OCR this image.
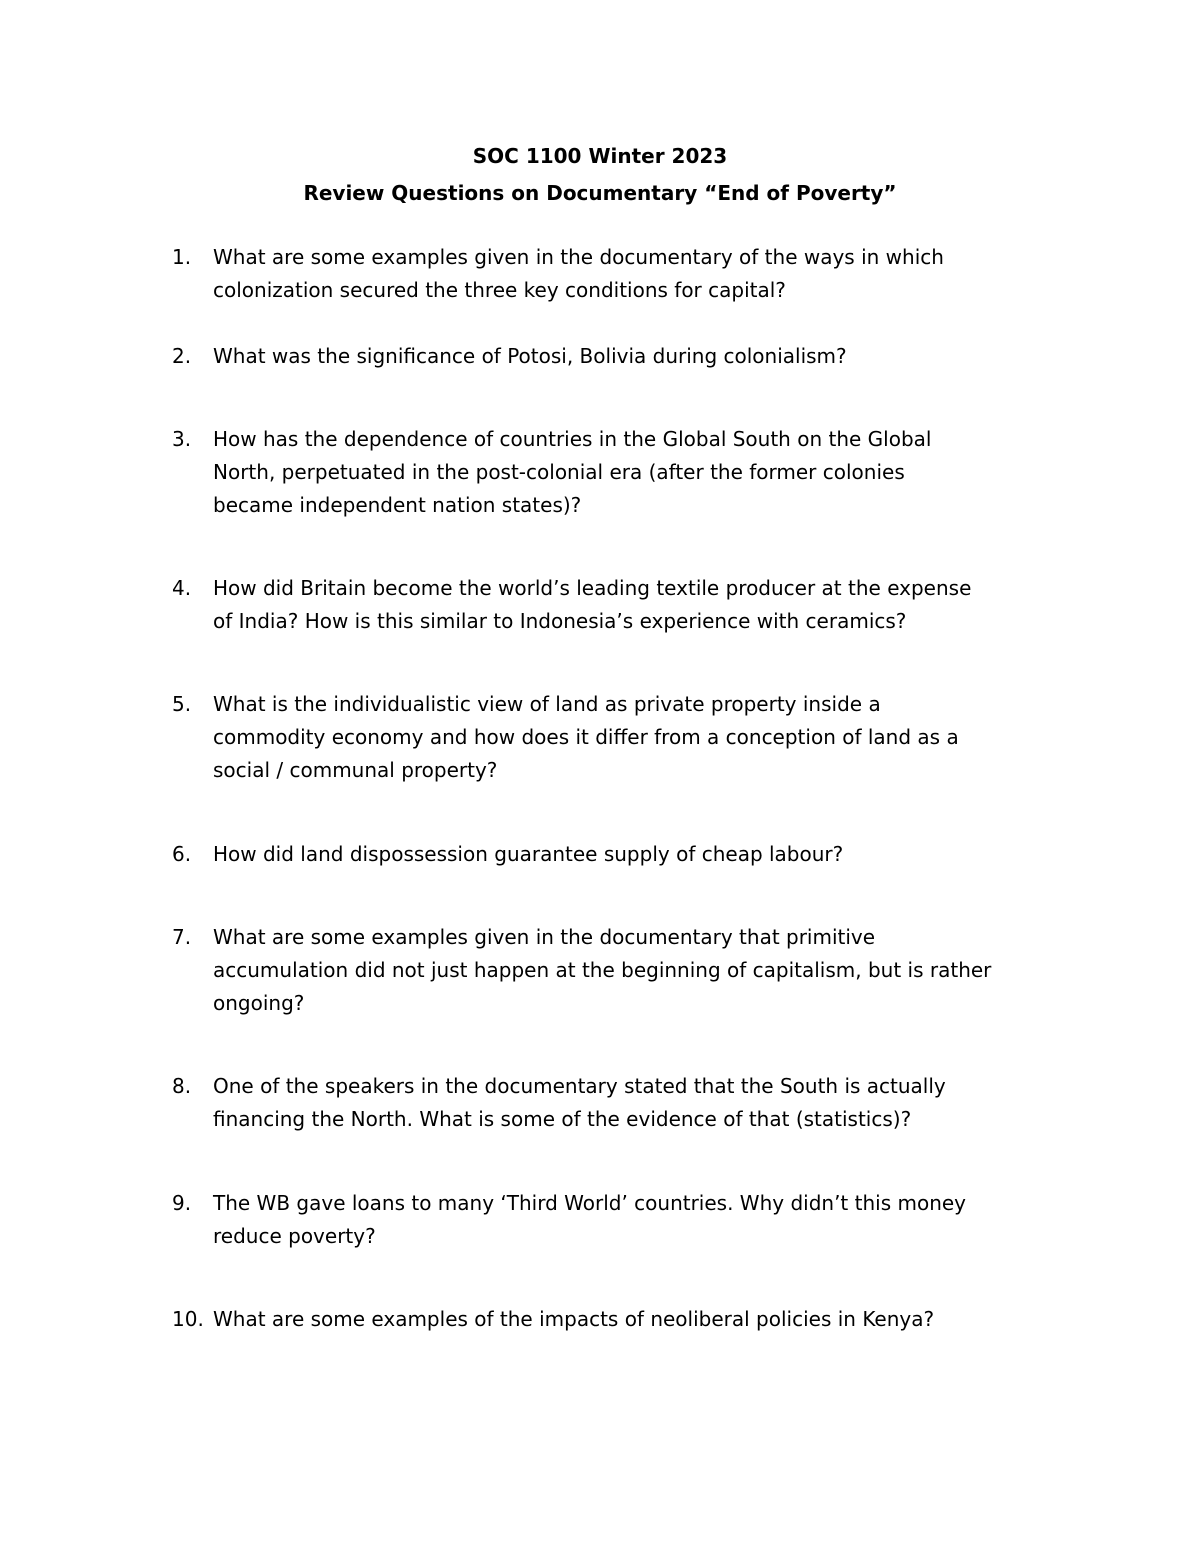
SOC 1100 Winter 2023
Review Questions on Documentary “End of Poverty”
1.	What are some examples given in the documentary of the ways in which
colonization secured the three key conditions for capital?
2.	What was the significance of Potosi, Bolivia during colonialism?
3.	How has the dependence of countries in the Global South on the Global
North, perpetuated in the post-colonial era (after the former colonies
became independent nation states)?
4.	How did Britain become the world’s leading textile producer at the expense
of India? How is this similar to Indonesia’s experience with ceramics?
5.	What is the individualistic view of land as private property inside a
commodity economy and how does it differ from a conception of land as a
social / communal property?
6.	How did land dispossession guarantee supply of cheap labour?
7.	What are some examples given in the documentary that primitive
accumulation did not just happen at the beginning of capitalism, but is rather
ongoing?
8.	One of the speakers in the documentary stated that the South is actually
financing the North. What is some of the evidence of that (statistics)?
9.	The WB gave loans to many ‘Third World’ countries. Why didn’t this money
reduce poverty?
10. What are some examples of the impacts of neoliberal policies in Kenya?
